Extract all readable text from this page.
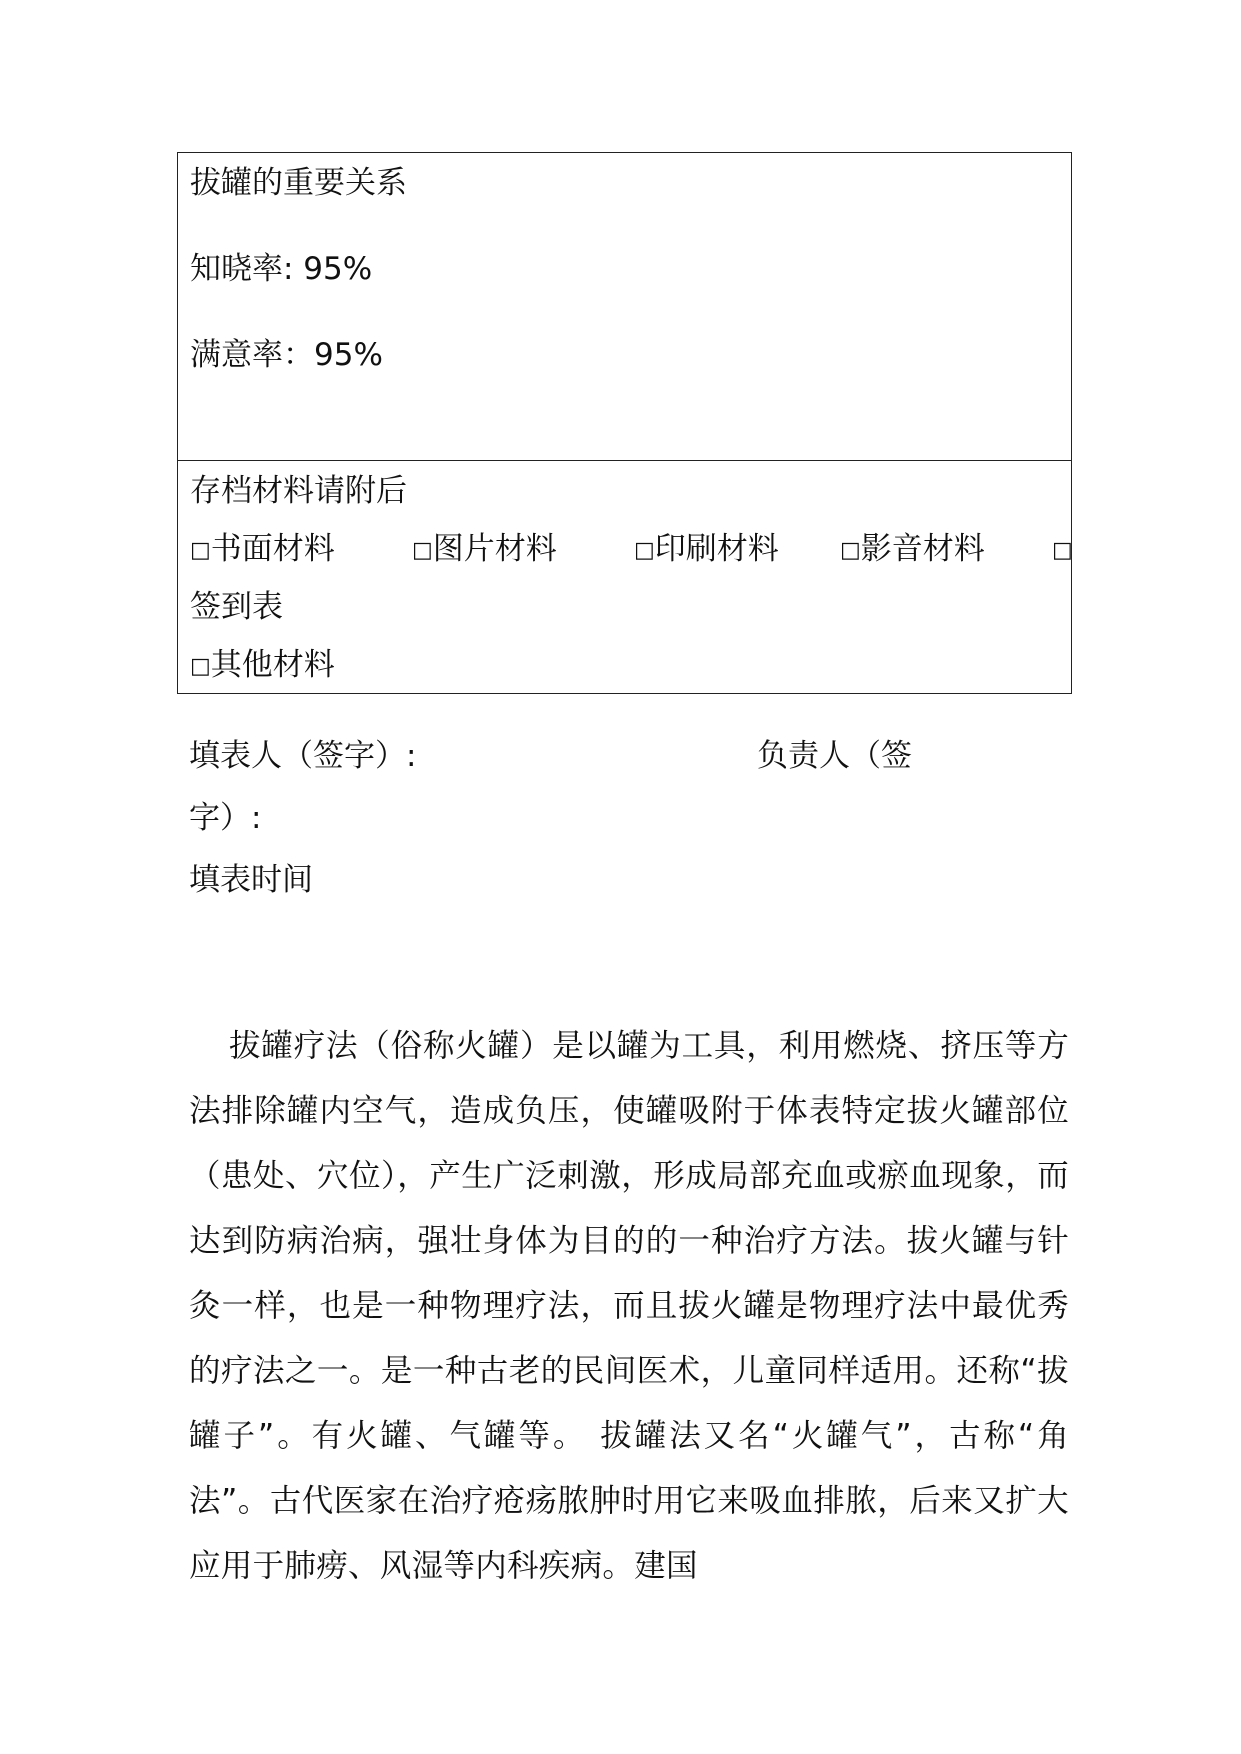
拔罐的重要关系

知晓率: 95%

满意率：95%

存档材料请附后

□书面材料	□图片材料	□印刷材料	□影音材料	□

签到表

□其他材料

填表人（签字）:	负责人（签
字）:
填表时间

拔罐疗法（俗称火罐）是以罐为工具，利用燃烧、挤压等方法排除罐内空气，造成负压，使罐吸附于体表特定拔火罐部位（患处、穴位），产生广泛刺激，形成局部充血或瘀血现象，而达到防病治病，强壮身体为目的的一种治疗方法。拔火罐与针灸一样，也是一种物理疗法，而且拔火罐是物理疗法中最优秀的疗法之一。是一种古老的民间医术，儿童同样适用。还称“拔罐子”。有火罐、气罐等。 拔罐法又名“火罐气”，古称“角法”。古代医家在治疗疮疡脓肿时用它来吸血排脓，后来又扩大应用于肺痨、风湿等内科疾病。建国
